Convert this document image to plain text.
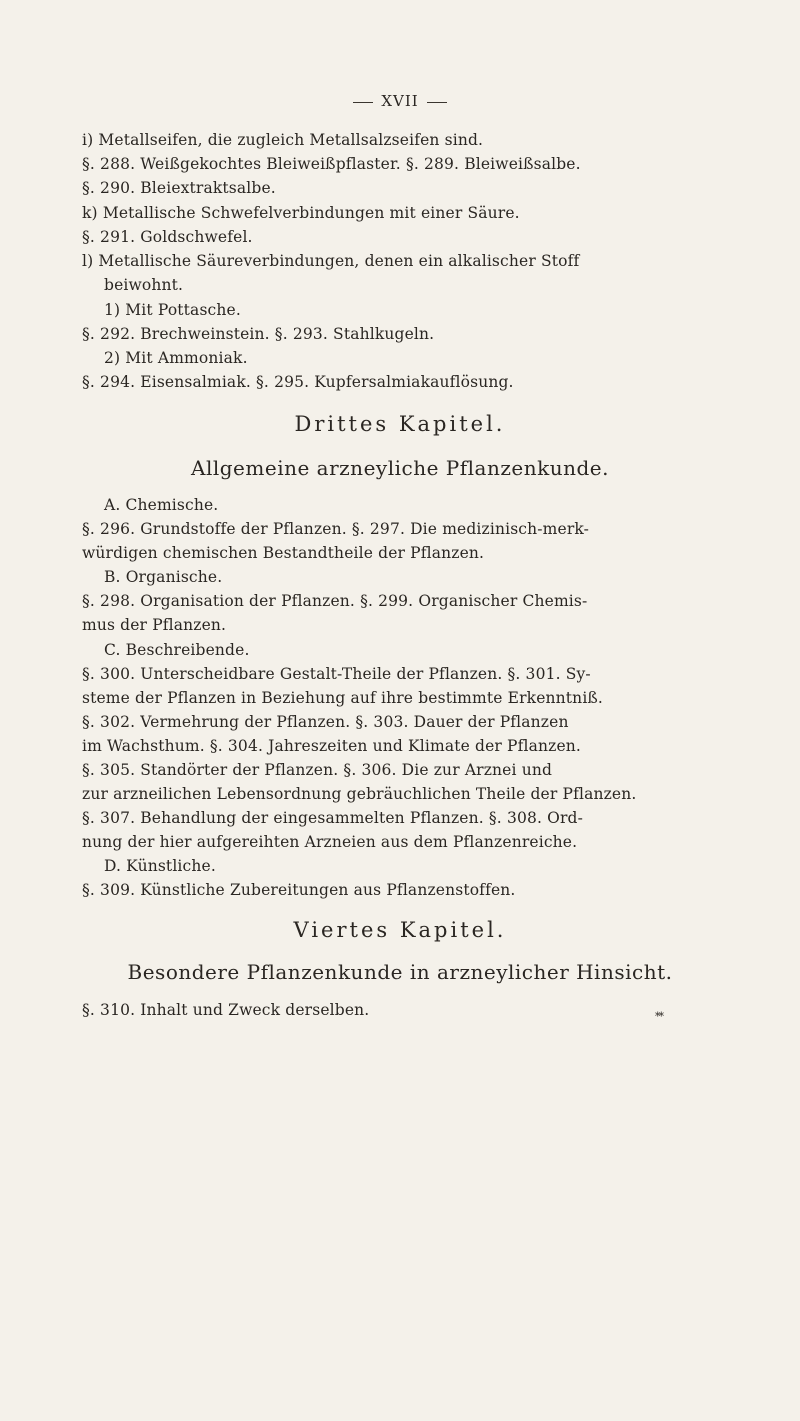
XVII
i) Metallseifen, die zugleich Metallsalzseifen sind.
§. 288. Weißgekochtes Bleiweißpflaster. §. 289. Bleiweißsalbe.
§. 290. Bleiextraktsalbe.
k) Metallische Schwefelverbindungen mit einer Säure.
§. 291. Goldschwefel.
l) Metallische Säureverbindungen, denen ein alkalischer Stoff
beiwohnt.
1) Mit Pottasche.
§. 292. Brechweinstein. §. 293. Stahlkugeln.
2) Mit Ammoniak.
§. 294. Eisensalmiak. §. 295. Kupfersalmiakauflösung.
Drittes Kapitel.
Allgemeine arzneyliche Pflanzenkunde.
A. Chemische.
§. 296. Grundstoffe der Pflanzen. §. 297. Die medizinisch-merk-
würdigen chemischen Bestandtheile der Pflanzen.
B. Organische.
§. 298. Organisation der Pflanzen. §. 299. Organischer Chemis-
mus der Pflanzen.
C. Beschreibende.
§. 300. Unterscheidbare Gestalt-Theile der Pflanzen. §. 301. Sy-
steme der Pflanzen in Beziehung auf ihre bestimmte Erkenntniß.
§. 302. Vermehrung der Pflanzen. §. 303. Dauer der Pflanzen
im Wachsthum. §. 304. Jahreszeiten und Klimate der Pflanzen.
§. 305. Standörter der Pflanzen. §. 306. Die zur Arznei und
zur arzneilichen Lebensordnung gebräuchlichen Theile der Pflanzen.
§. 307. Behandlung der eingesammelten Pflanzen. §. 308. Ord-
nung der hier aufgereihten Arzneien aus dem Pflanzenreiche.
D. Künstliche.
§. 309. Künstliche Zubereitungen aus Pflanzenstoffen.
Viertes Kapitel.
Besondere Pflanzenkunde in arzneylicher Hinsicht.
§. 310. Inhalt und Zweck derselben.	**
